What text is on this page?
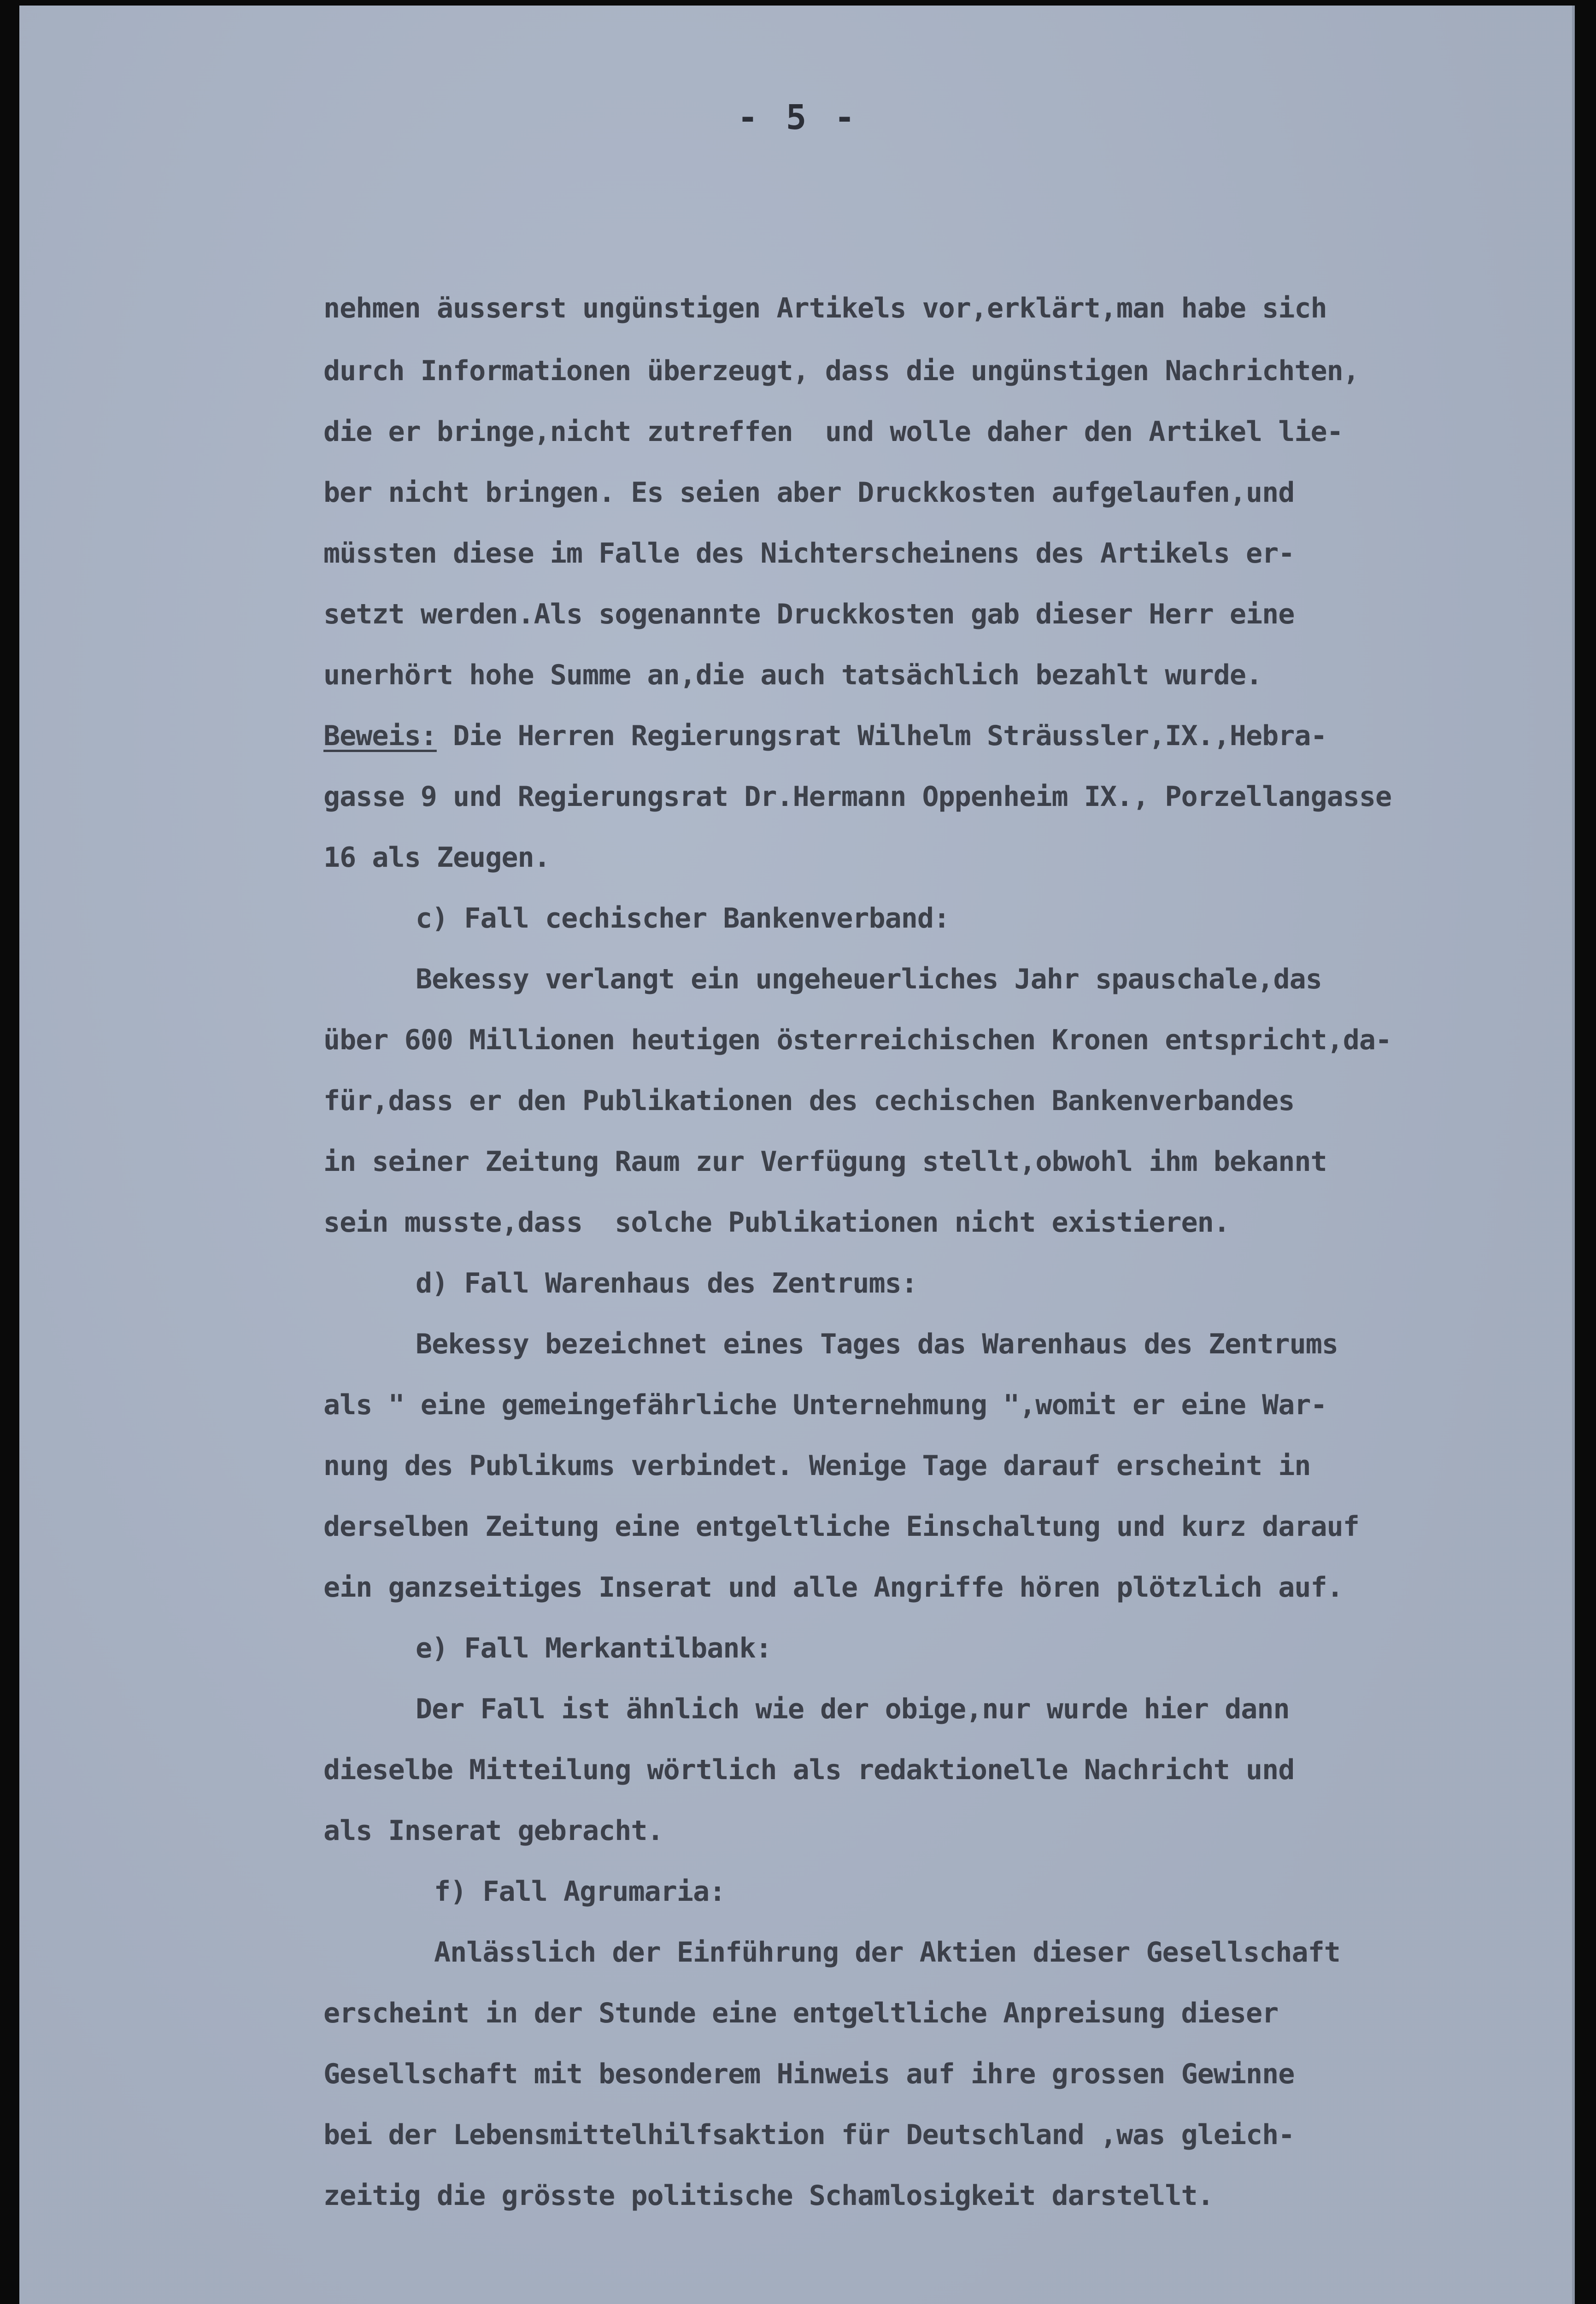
- 5 -

nehmen äusserst ungünstigen Artikels vor,erklärt,man habe sich

durch Informationen überzeugt, dass die ungünstigen Nachrichten,

die er bringe,nicht zutreffen  und wolle daher den Artikel lie-

ber nicht bringen. Es seien aber Druckkosten aufgelaufen,und

müssten diese im Falle des Nichterscheinens des Artikels er-

setzt werden.Als sogenannte Druckkosten gab dieser Herr eine

unerhört hohe Summe an,die auch tatsächlich bezahlt wurde.

Beweis: Die Herren Regierungsrat Wilhelm Sträussler,IX.,Hebra-

gasse 9 und Regierungsrat Dr.Hermann Oppenheim IX., Porzellangasse

16 als Zeugen.

c) Fall cechischer Bankenverband:

Bekessy verlangt ein ungeheuerliches Jahr spauschale,das

über 600 Millionen heutigen österreichischen Kronen entspricht,da-

für,dass er den Publikationen des cechischen Bankenverbandes

in seiner Zeitung Raum zur Verfügung stellt,obwohl ihm bekannt

sein musste,dass  solche Publikationen nicht existieren.

d) Fall Warenhaus des Zentrums:

Bekessy bezeichnet eines Tages das Warenhaus des Zentrums

als " eine gemeingefährliche Unternehmung ",womit er eine War-

nung des Publikums verbindet. Wenige Tage darauf erscheint in

derselben Zeitung eine entgeltliche Einschaltung und kurz darauf

ein ganzseitiges Inserat und alle Angriffe hören plötzlich auf.

e) Fall Merkantilbank:

Der Fall ist ähnlich wie der obige,nur wurde hier dann

dieselbe Mitteilung wörtlich als redaktionelle Nachricht und

als Inserat gebracht.

f) Fall Agrumaria:

Anlässlich der Einführung der Aktien dieser Gesellschaft

erscheint in der Stunde eine entgeltliche Anpreisung dieser

Gesellschaft mit besonderem Hinweis auf ihre grossen Gewinne

bei der Lebensmittelhilfsaktion für Deutschland ,was gleich-

zeitig die grösste politische Schamlosigkeit darstellt.
